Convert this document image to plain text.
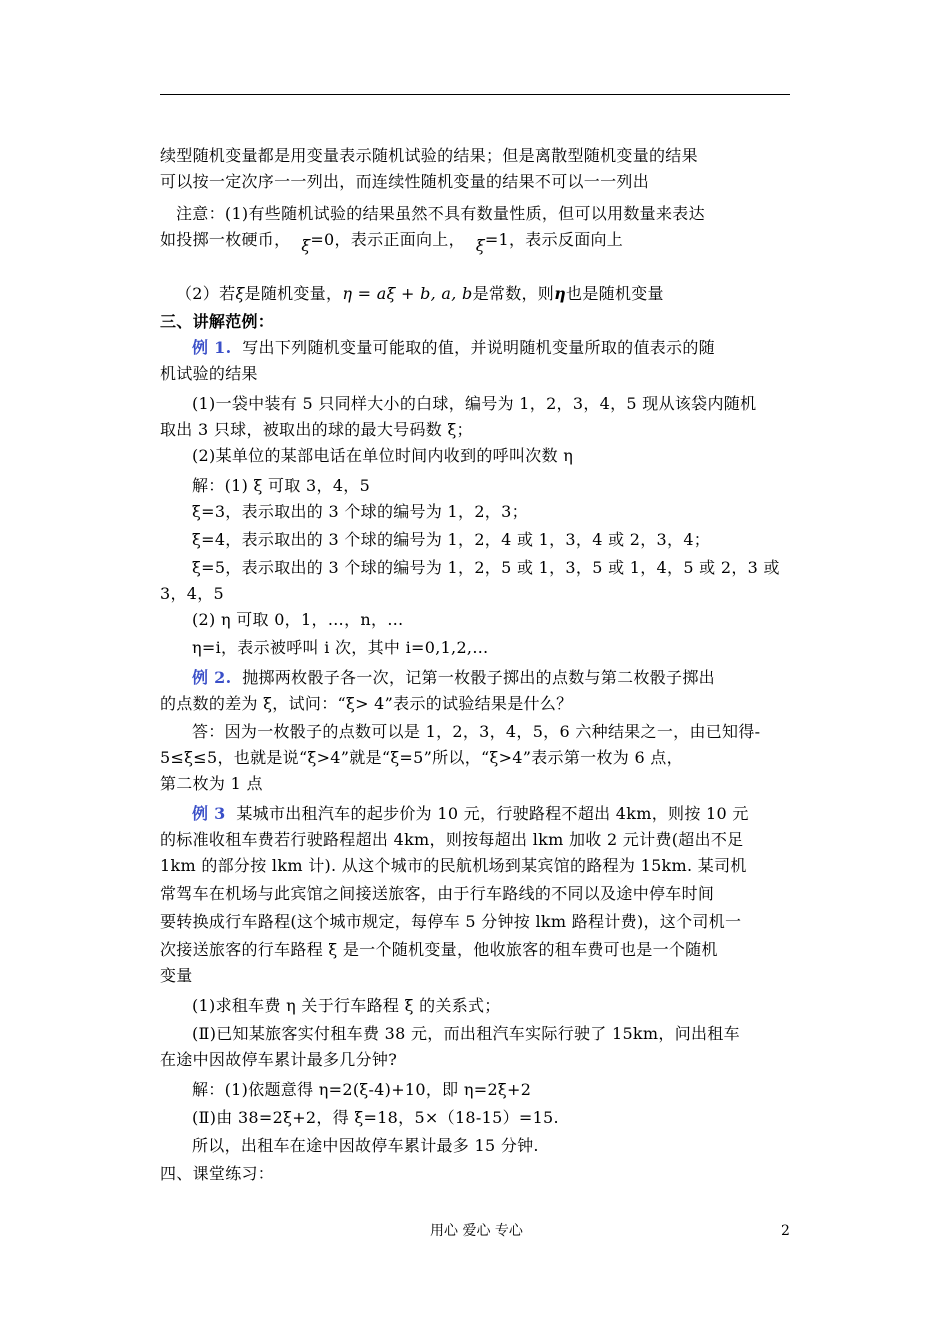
续型随机变量都是用变量表示随机试验的结果；但是离散型随机变量的结果
可以按一定次序一一列出，而连续性随机变量的结果不可以一一列出
注意：(1)有些随机试验的结果虽然不具有数量性质，但可以用数量来表达
如投掷一枚硬币， ξ=0，表示正面向上， ξ=1，表示反面向上
（2）若ξ是随机变量，η = aξ + b, a, b是常数，则η也是随机变量
三、讲解范例：
例 1.  写出下列随机变量可能取的值，并说明随机变量所取的值表示的随
机试验的结果
(1)一袋中装有 5 只同样大小的白球，编号为 1，2，3，4，5 现从该袋内随机
取出 3 只球，被取出的球的最大号码数 ξ；
(2)某单位的某部电话在单位时间内收到的呼叫次数 η
解：(1) ξ 可取 3，4，5
ξ=3，表示取出的 3 个球的编号为 1，2，3；
ξ=4，表示取出的 3 个球的编号为 1，2，4 或 1，3，4 或 2，3，4；
ξ=5，表示取出的 3 个球的编号为 1，2，5 或 1，3，5 或 1，4，5 或 2，3 或
3，4，5
(2) η 可取 0，1，…，n，…
η=i，表示被呼叫 i 次，其中 i=0,1,2,…
例 2.  抛掷两枚骰子各一次，记第一枚骰子掷出的点数与第二枚骰子掷出
的点数的差为 ξ，试问：“ξ> 4”表示的试验结果是什么？
答：因为一枚骰子的点数可以是 1，2，3，4，5，6 六种结果之一，由已知得-
5≤ξ≤5，也就是说“ξ>4”就是“ξ=5”所以，“ξ>4”表示第一枚为 6 点，
第二枚为 1 点
例 3  某城市出租汽车的起步价为 10 元，行驶路程不超出 4km，则按 10 元
的标准收租车费若行驶路程超出 4km，则按每超出 lkm 加收 2 元计费(超出不足
1km 的部分按 lkm 计). 从这个城市的民航机场到某宾馆的路程为 15km. 某司机
常驾车在机场与此宾馆之间接送旅客，由于行车路线的不同以及途中停车时间
要转换成行车路程(这个城市规定，每停车 5 分钟按 lkm 路程计费)，这个司机一
次接送旅客的行车路程 ξ 是一个随机变量，他收旅客的租车费可也是一个随机
变量
(1)求租车费 η 关于行车路程 ξ 的关系式；
(Ⅱ)已知某旅客实付租车费 38 元，而出租汽车实际行驶了 15km，问出租车
在途中因故停车累计最多几分钟?
解：(1)依题意得 η=2(ξ-4)+10，即 η=2ξ+2
(Ⅱ)由 38=2ξ+2，得 ξ=18，5×（18-15）=15.
所以，出租车在途中因故停车累计最多 15 分钟.
四、课堂练习：
用心 爱心 专心	2
